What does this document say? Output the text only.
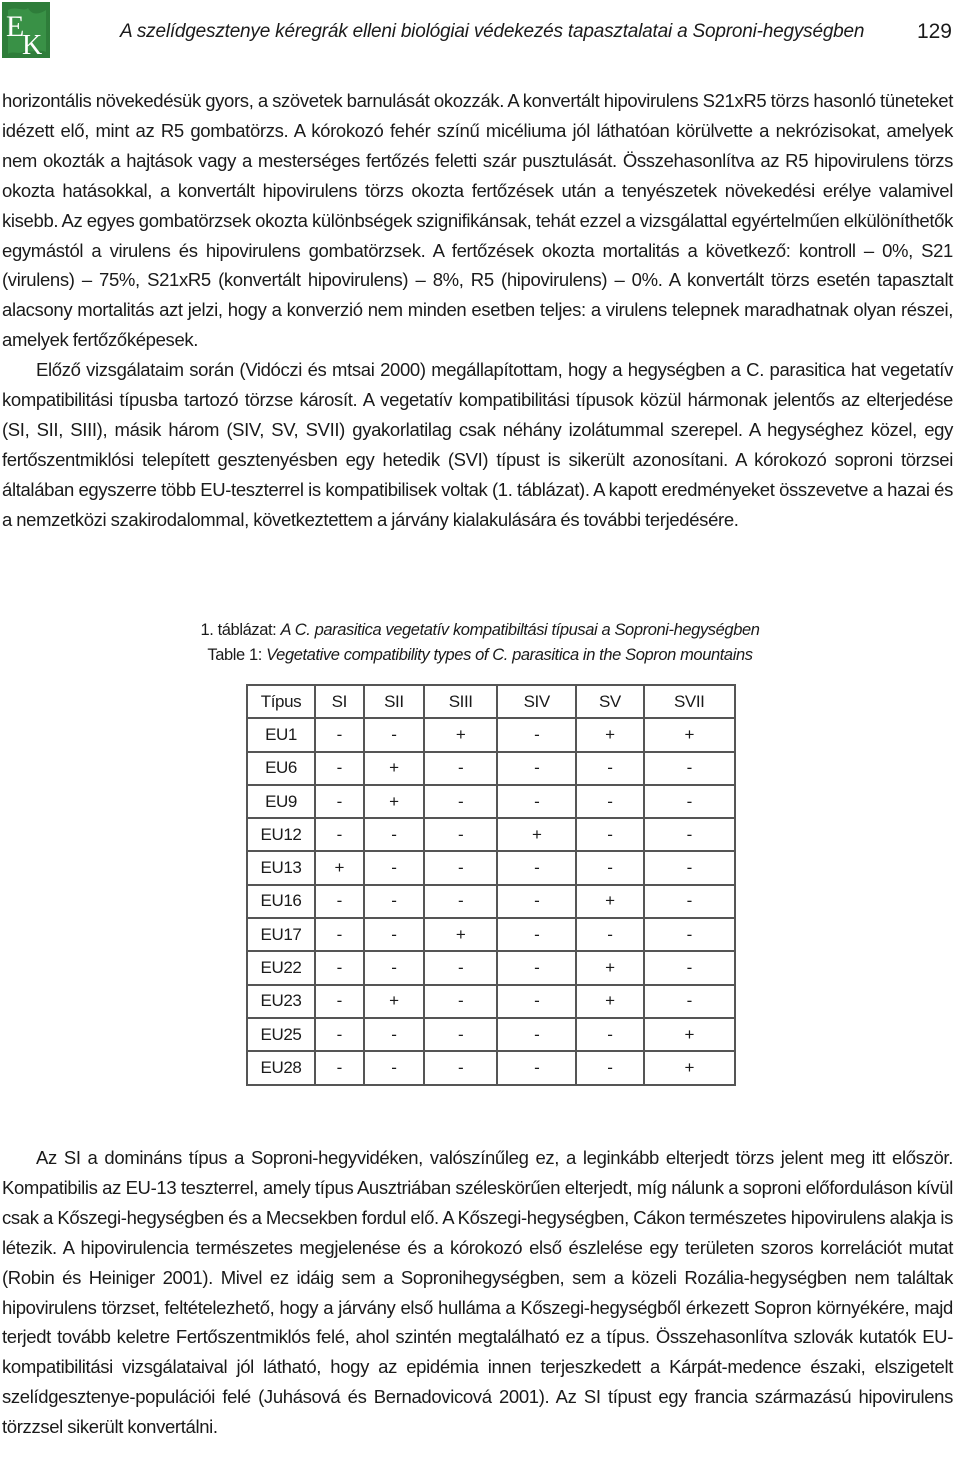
E
K	A szelídgesztenye kéregrák elleni biológiai védekezés tapasztalatai a Soproni-hegységben	129

horizontális növekedésük gyors, a szövetek barnulását okozzák. A konvertált hipovirulens S21xR5 törzs hasonló tüneteket idézett elő, mint az R5 gombatörzs. A kórokozó fehér színű micéliuma jól láthatóan körülvette a nekrózisokat, amelyek nem okozták a hajtások vagy a mesterséges fertőzés feletti szár pusztulását. Összehasonlítva az R5 hipovirulens törzs okozta hatásokkal, a konvertált hipovirulens törzs okozta fertőzések után a tenyészetek növekedési erélye valamivel kisebb. Az egyes gombatörzsek okozta különbségek szignifikánsak, tehát ezzel a vizsgálattal egyértelműen elkülöníthetők egymástól a virulens és hipovirulens gombatörzsek. A fertőzések okozta mortalitás a következő: kontroll – 0%, S21 (virulens) – 75%, S21xR5 (konvertált hipovirulens) – 8%, R5 (hipovirulens) – 0%. A konvertált törzs esetén tapasztalt alacsony mortalitás azt jelzi, hogy a konverzió nem minden esetben teljes: a virulens telepnek maradhatnak olyan részei, amelyek fertőzőképesek.

Előző vizsgálataim során (Vidóczi és mtsai 2000) megállapítottam, hogy a hegységben a C. parasitica hat vegetatív kompatibilitási típusba tartozó törzse károsít. A vegetatív kompatibilitási típusok közül hármonak jelentős az elterjedése (SI, SII, SIII), másik három (SIV, SV, SVII) gyakorlatilag csak néhány izolátummal szerepel. A hegységhez közel, egy fertőszentmiklósi telepített gesztenyésben egy hetedik (SVI) típust is sikerült azonosítani. A kórokozó soproni törzsei általában egyszerre több EU-teszterrel is kompatibilisek voltak (1. táblázat). A kapott eredményeket összevetve a hazai és a nemzetközi szakirodalommal, következtettem a járvány kialakulására és további terjedésére.

1. táblázat: A C. parasitica vegetatív kompatibiltási típusai a Soproni-hegységben
Table 1: Vegetative compatibility types of C. parasitica in the Sopron mountains
Típus	SI	SII	SIII	SIV	SV	SVII
EU1	-	-	+	-	+	+
EU6	-	+	-	-	-	-
EU9	-	+	-	-	-	-
EU12	-	-	-	+	-	-
EU13	+	-	-	-	-	-
EU16	-	-	-	-	+	-
EU17	-	-	+	-	-	-
EU22	-	-	-	-	+	-
EU23	-	+	-	-	+	-
EU25	-	-	-	-	-	+
EU28	-	-	-	-	-	+

Az SI a domináns típus a Soproni-hegyvidéken, valószínűleg ez, a leginkább elterjedt törzs jelent meg itt először. Kompatibilis az EU-13 teszterrel, amely típus Ausztriában széleskörűen elterjedt, míg nálunk a soproni előforduláson kívül csak a Kőszegi-hegységben és a Mecsekben fordul elő. A Kőszegi-hegységben, Cákon természetes hipovirulens alakja is létezik. A hipovirulencia természetes megjelenése és a kórokozó első észlelése egy területen szoros korrelációt mutat (Robin és Heiniger 2001). Mivel ez idáig sem a Sopronihegységben, sem a közeli Rozália-hegységben nem találtak hipovirulens törzset, feltételezhető, hogy a járvány első hulláma a Kőszegi-hegységből érkezett Sopron környékére, majd terjedt tovább keletre Fertőszentmiklós felé, ahol szintén megtalálható ez a típus. Összehasonlítva szlovák kutatók EU-kompatibilitási vizsgálataival jól látható, hogy az epidémia innen terjeszkedett a Kárpát-medence északi, elszigetelt szelídgesztenye-populációi felé (Juhásová és Bernadovicová 2001). Az SI típust egy francia származású hipovirulens törzzsel sikerült konvertálni.
